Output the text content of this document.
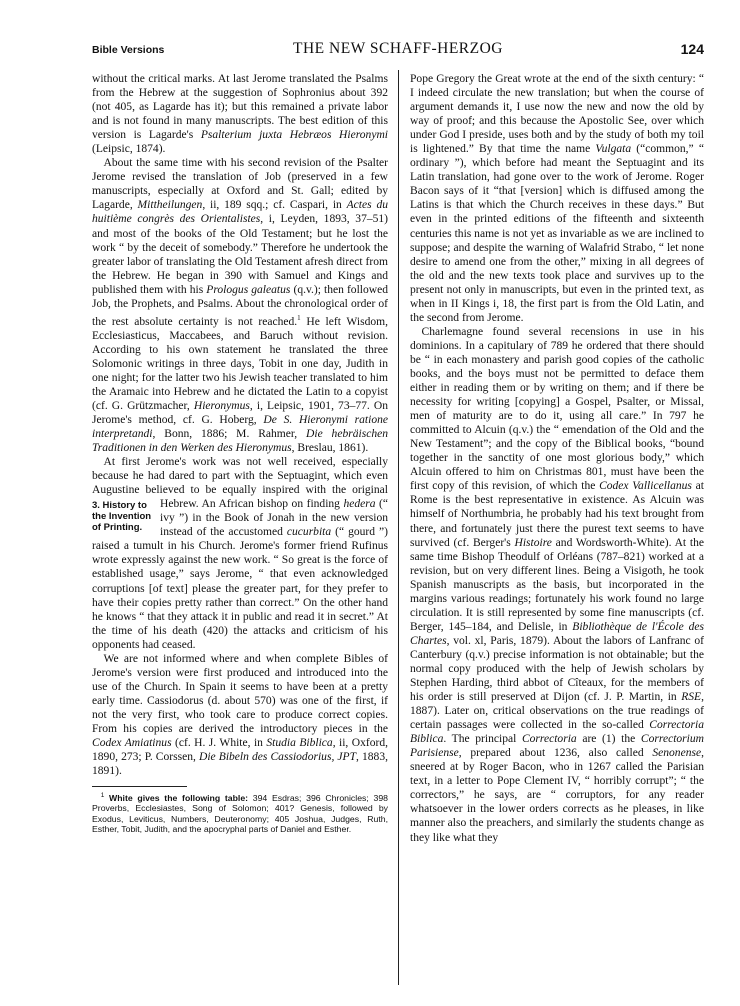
Bible Versions	THE NEW SCHAFF-HERZOG	124

without the critical marks. At last Jerome translated the Psalms from the Hebrew at the suggestion of Sophronius about 392 (not 405, as Lagarde has it); but this remained a private labor and is not found in many manuscripts. The best edition of this version is Lagarde's Psalterium juxta Hebræos Hieronymi (Leipsic, 1874).

About the same time with his second revision of the Psalter Jerome revised the translation of Job (preserved in a few manuscripts, especially at Oxford and St. Gall; edited by Lagarde, Mittheilungen, ii, 189 sqq.; cf. Caspari, in Actes du huitième congrès des Orientalistes, i, Leyden, 1893, 37–51) and most of the books of the Old Testament; but he lost the work “ by the deceit of somebody.” Therefore he undertook the greater labor of translating the Old Testament afresh direct from the Hebrew. He began in 390 with Samuel and Kings and published them with his Prologus galeatus (q.v.); then followed Job, the Prophets, and Psalms. About the chronological order of the rest absolute certainty is not reached.$^1$ He left Wisdom, Ecclesiasticus, Maccabees, and Baruch without revision. According to his own statement he translated the three Solomonic writings in three days, Tobit in one day, Judith in one night; for the latter two his Jewish teacher translated to him the Aramaic into Hebrew and he dictated the Latin to a copyist (cf. G. Grützmacher, Hieronymus, i, Leipsic, 1901, 73–77. On Jerome's method, cf. G. Hoberg, De S. Hieronymi ratione interpretandi, Bonn, 1886; M. Rahmer, Die hebräischen Traditionen in den Werken des Hieronymus, Breslau, 1861).

At first Jerome's work was not well received, especially because he had dared to part with the Septuagint, which even Augustine believed to be equally inspired with the original Hebrew. An African bishop on finding
3. History to the Invention of Printing.
hedera (“ ivy ”) in the Book of Jonah in the new version instead of the accustomed cucurbita (“ gourd ”) raised a tumult in his Church. Jerome's former friend Rufinus wrote expressly against the new work. “ So great is the force of established usage,” says Jerome, “ that even acknowledged corruptions [of text] please the greater part, for they prefer to have their copies pretty rather than correct.” On the other hand he knows “ that they attack it in public and read it in secret.” At the time of his death (420) the attacks and criticism of his opponents had ceased.

We are not informed where and when complete Bibles of Jerome's version were first produced and introduced into the use of the Church. In Spain it seems to have been at a pretty early time. Cassiodorus (d. about 570) was one of the first, if not the very first, who took care to produce correct copies. From his copies are derived the introductory pieces in the Codex Amiatinus (cf. H. J. White, in Studia Biblica, ii, Oxford, 1890, 273; P. Corssen, Die Bibeln des Cassiodorius, JPT, 1883, 1891).

$^1$ White gives the following table: 394 Esdras; 396 Chronicles; 398 Proverbs, Ecclesiastes, Song of Solomon; 401? Genesis, followed by Exodus, Leviticus, Numbers, Deuteronomy; 405 Joshua, Judges, Ruth, Esther, Tobit, Judith, and the apocryphal parts of Daniel and Esther.

Pope Gregory the Great wrote at the end of the sixth century: “ I indeed circulate the new translation; but when the course of argument demands it, I use now the new and now the old by way of proof; and this because the Apostolic See, over which under God I preside, uses both and by the study of both my toil is lightened.” By that time the name Vulgata (“common,” “ ordinary ”), which before had meant the Septuagint and its Latin translation, had gone over to the work of Jerome. Roger Bacon says of it “that [version] which is diffused among the Latins is that which the Church receives in these days.” But even in the printed editions of the fifteenth and sixteenth centuries this name is not yet as invariable as we are inclined to suppose; and despite the warning of Walafrid Strabo, “ let none desire to amend one from the other,” mixing in all degrees of the old and the new texts took place and survives up to the present not only in manuscripts, but even in the printed text, as when in II Kings i, 18, the first part is from the Old Latin, and the second from Jerome.

Charlemagne found several recensions in use in his dominions. In a capitulary of 789 he ordered that there should be “ in each monastery and parish good copies of the catholic books, and the boys must not be permitted to deface them either in reading them or by writing on them; and if there be necessity for writing [copying] a Gospel, Psalter, or Missal, men of maturity are to do it, using all care.” In 797 he committed to Alcuin (q.v.) the “ emendation of the Old and the New Testament”; and the copy of the Biblical books, “bound together in the sanctity of one most glorious body,” which Alcuin offered to him on Christmas 801, must have been the first copy of this revision, of which the Codex Vallicellanus at Rome is the best representative in existence. As Alcuin was himself of Northumbria, he probably had his text brought from there, and fortunately just there the purest text seems to have survived (cf. Berger's Histoire and Wordsworth-White). At the same time Bishop Theodulf of Orléans (787–821) worked at a revision, but on very different lines. Being a Visigoth, he took Spanish manuscripts as the basis, but incorporated in the margins various readings; fortunately his work found no large circulation. It is still represented by some fine manuscripts (cf. Berger, 145–184, and Delisle, in Bibliothèque de l'École des Chartes, vol. xl, Paris, 1879). About the labors of Lanfranc of Canterbury (q.v.) precise information is not obtainable; but the normal copy produced with the help of Jewish scholars by Stephen Harding, third abbot of Cîteaux, for the members of his order is still preserved at Dijon (cf. J. P. Martin, in RSE, 1887). Later on, critical observations on the true readings of certain passages were collected in the so-called Correctoria Biblica. The principal Correctoria are (1) the Correctorium Parisiense, prepared about 1236, also called Senonense, sneered at by Roger Bacon, who in 1267 called the Parisian text, in a letter to Pope Clement IV, “ horribly corrupt”; “ the correctors,” he says, are “ corruptors, for any reader whatsoever in the lower orders corrects as he pleases, in like manner also the preachers, and similarly the students change as they like what they
